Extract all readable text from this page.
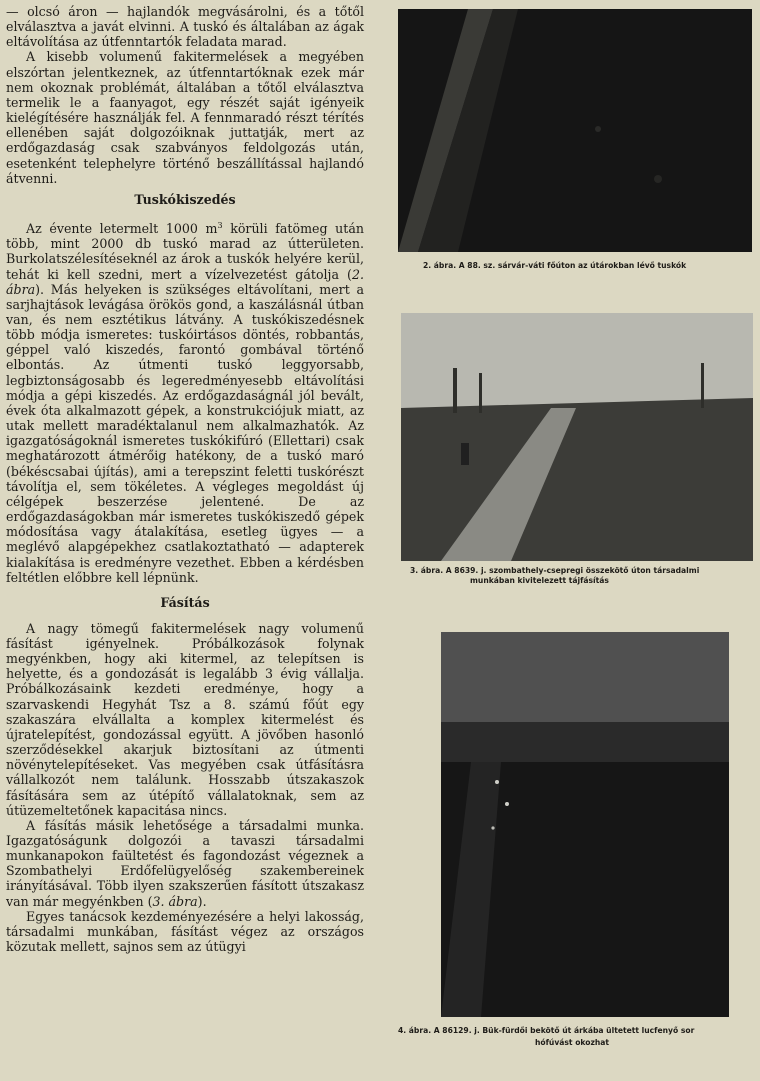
— olcsó áron — hajlandók megvásárolni, és a tőtől elválasztva a javát elvinni. A tuskó és általában az ágak eltávolítása az útfenntartók feladata marad.

A kisebb volumenű fakitermelések a megyében elszórtan jelentkeznek, az útfenntartóknak ezek már nem okoznak problémát, általában a tőtől elválasztva termelik le a faanyagot, egy részét saját igényeik kielégítésére használják fel. A fennmaradó részt térítés ellenében saját dolgozóiknak juttatják, mert az erdőgazdaság csak szabványos feldolgozás után, esetenként telephelyre történő beszállítással hajlandó átvenni.

Tuskókiszedés

Az évente letermelt 1000 $m^3$ körüli fatömeg után több, mint 2000 db tuskó marad az útterületen. Burkolatszélesítéseknél az árok a tuskók helyére kerül, tehát ki kell szedni, mert a vízelvezetést gátolja (2. ábra). Más helyeken is szükséges eltávolítani, mert a sarjhajtások levágása örökös gond, a kaszálásnál útban van, és nem esztétikus látvány. A tuskókiszedésnek több módja ismeretes: tuskóirtásos döntés, robbantás, géppel való kiszedés, farontó gombával történő elbontás. Az útmenti tuskó leggyorsabb, legbiztonságosabb és legeredményesebb eltávolítási módja a gépi kiszedés. Az erdőgazdaságnál jól bevált, évek óta alkalmazott gépek, a konstrukciójuk miatt, az utak mellett maradéktalanul nem alkalmazhatók. Az igazgatóságoknál ismeretes tuskókifúró (Ellettari) csak meghatározott átmérőig hatékony, de a tuskó maró (békéscsabai újítás), ami a terepszint feletti tuskórészt távolítja el, sem tökéletes. A végleges megoldást új célgépek beszerzése jelentené. De az erdőgazdaságokban már ismeretes tuskókiszedő gépek módosítása vagy átalakítása, esetleg ügyes — a meglévő alapgépekhez csatlakoztatható — adapterek kialakítása is eredményre vezethet. Ebben a kérdésben feltétlen előbbre kell lépnünk.

Fásítás

A nagy tömegű fakitermelések nagy volumenű fásítást igényelnek. Próbálkozások folynak megyénkben, hogy aki kitermel, az telepítsen is helyette, és a gondozását is legalább 3 évig vállalja. Próbálkozásaink kezdeti eredménye, hogy a szarvaskendi Hegyhát Tsz a 8. számú főút egy szakaszára elvállalta a komplex kitermelést és újratelepítést, gondozással együtt. A jövőben hasonló szerződésekkel akarjuk biztosítani az útmenti növénytelepítéseket. Vas megyében csak útfásításra vállalkozót nem találunk. Hosszabb útszakaszok fásítására sem az útépítő vállalatoknak, sem az útüzemeltetőnek kapacitása nincs.

A fásítás másik lehetősége a társadalmi munka. Igazgatóságunk dolgozói a tavaszi társadalmi munkanapokon faültetést és fagondozást végeznek a Szombathelyi Erdőfelügyelőség szakembereinek irányításával. Több ilyen szakszerűen fásított útszakasz van már megyénkben (3. ábra).

Egyes tanácsok kezdeményezésére a helyi lakosság, társadalmi munkában, fásítást végez az országos közutak mellett, sajnos sem az útügyi

2. ábra. A 88. sz. sárvár-váti főúton az útárokban lévő tuskók
3. ábra. A 8639. j. szombathely-csepregi összekötő úton társadalmi
munkában kivitelezett tájfásítás
4. ábra. A 86129. j. Bük-fürdői bekötő út árkába ültetett lucfenyő sor
hófúvást okozhat
